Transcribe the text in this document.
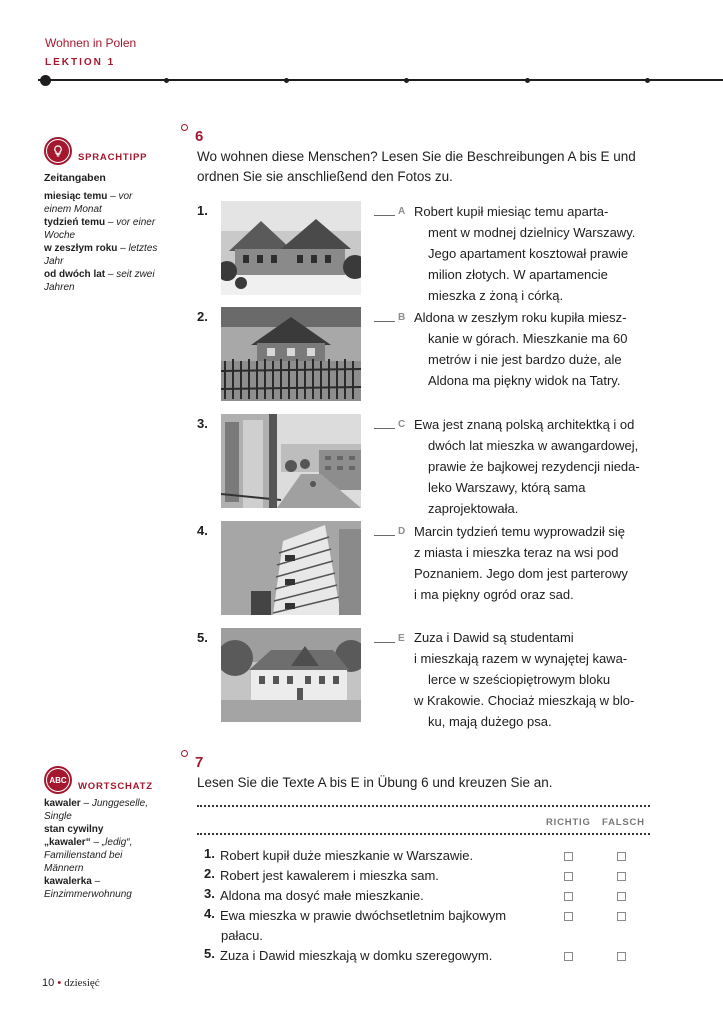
Wohnen in Polen
LEKTION 1
SPRACHTIPP
Zeitangaben
miesiąc temu – vor einem Monat
tydzień temu – vor einer Woche
w zeszłym roku – letztes Jahr
od dwóch lat – seit zwei Jahren
ABC
WORTSCHATZ
kawaler – Junggeselle, Single
stan cywilny
„kawaler“ – „ledig“, Familienstand bei Männern
kawalerka – Einzimmerwohnung
6
Wo wohnen diese Menschen? Lesen Sie die Beschreibungen A bis E und
ordnen Sie sie anschließend den Fotos zu.
1.	A Robert kupił miesiąc temu aparta-
ment w modnej dzielnicy Warszawy.
Jego apartament kosztował prawie
milion złotych. W apartamencie
mieszka z żoną i córką.
2.	B Aldona w zeszłym roku kupiła miesz-
kanie w górach. Mieszkanie ma 60
metrów i nie jest bardzo duże, ale
Aldona ma piękny widok na Tatry.
3.	C Ewa jest znaną polską architektką i od
dwóch lat mieszka w awangardowej,
prawie że bajkowej rezydencji nieda-
leko Warszawy, którą sama
zaprojektowała.
4.	D Marcin tydzień temu wyprowadził się
z miasta i mieszka teraz na wsi pod
Poznaniem. Jego dom jest parterowy
i ma piękny ogród oraz sad.
5.	E Zuza i Dawid są studentami
i mieszkają razem w wynajętej kawa-
lerce w sześciopiętrowym bloku
w Krakowie. Chociaż mieszkają w blo-
ku, mają dużego psa.
7
Lesen Sie die Texte A bis E in Übung 6 und kreuzen Sie an.
RICHTIG FALSCH
1. Robert kupił duże mieszkanie w Warszawie.
2. Robert jest kawalerem i mieszka sam.
3. Aldona ma dosyć małe mieszkanie.
4. Ewa mieszka w prawie dwóchsetletnim bajkowym
pałacu.
5. Zuza i Dawid mieszkają w domku szeregowym.
10 • dziesięć
